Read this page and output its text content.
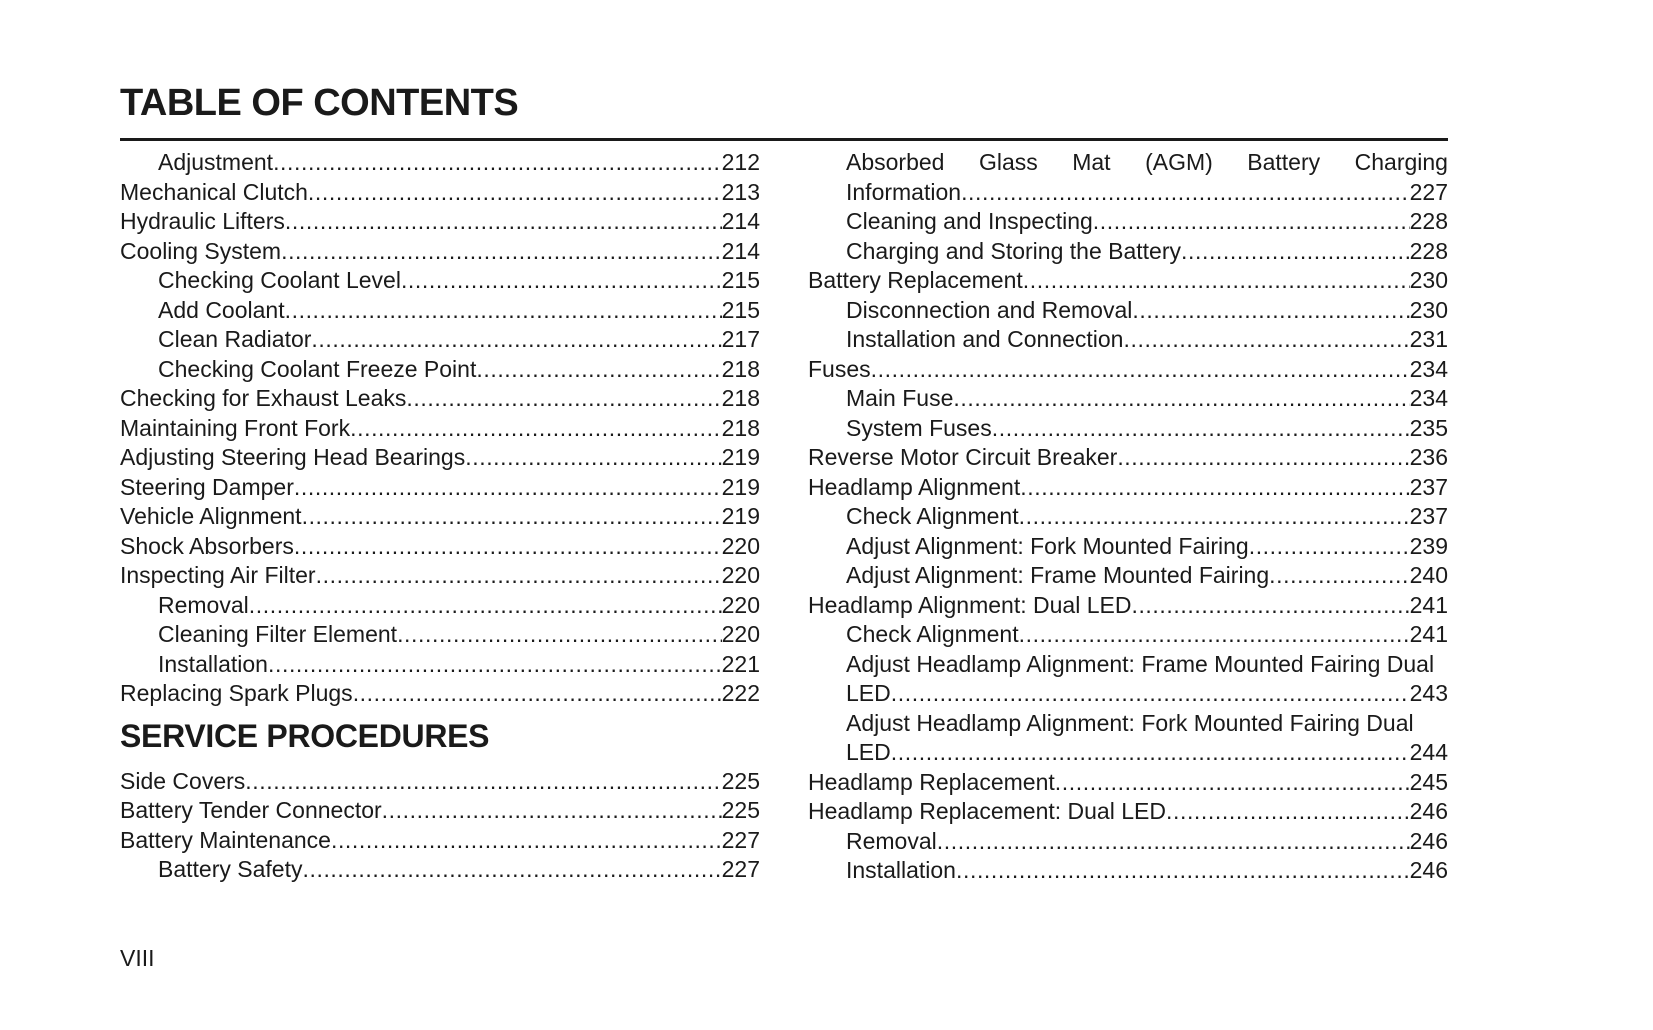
TABLE OF CONTENTS
Adjustment .....	212
Mechanical Clutch .....	213
Hydraulic Lifters .....	214
Cooling System .....	214
Checking Coolant Level .....	215
Add Coolant .....	215
Clean Radiator .....	217
Checking Coolant Freeze Point .....	218
Checking for Exhaust Leaks .....	218
Maintaining Front Fork .....	218
Adjusting Steering Head Bearings .....	219
Steering Damper .....	219
Vehicle Alignment .....	219
Shock Absorbers .....	220
Inspecting Air Filter .....	220
Removal .....	220
Cleaning Filter Element .....	220
Installation .....	221
Replacing Spark Plugs .....	222
SERVICE PROCEDURES
Side Covers .....	225
Battery Tender Connector .....	225
Battery Maintenance .....	227
Battery Safety .....	227
Absorbed Glass Mat (AGM) Battery Charging
Information .....	227
Cleaning and Inspecting .....	228
Charging and Storing the Battery .....	228
Battery Replacement .....	230
Disconnection and Removal .....	230
Installation and Connection .....	231
Fuses .....	234
Main Fuse .....	234
System Fuses .....	235
Reverse Motor Circuit Breaker .....	236
Headlamp Alignment .....	237
Check Alignment .....	237
Adjust Alignment: Fork Mounted Fairing .....	239
Adjust Alignment: Frame Mounted Fairing .....	240
Headlamp Alignment: Dual LED .....	241
Check Alignment .....	241
Adjust Headlamp Alignment: Frame Mounted Fairing Dual
LED .....	243
Adjust Headlamp Alignment: Fork Mounted Fairing Dual
LED .....	244
Headlamp Replacement .....	245
Headlamp Replacement: Dual LED .....	246
Removal .....	246
Installation .....	246
VIII
